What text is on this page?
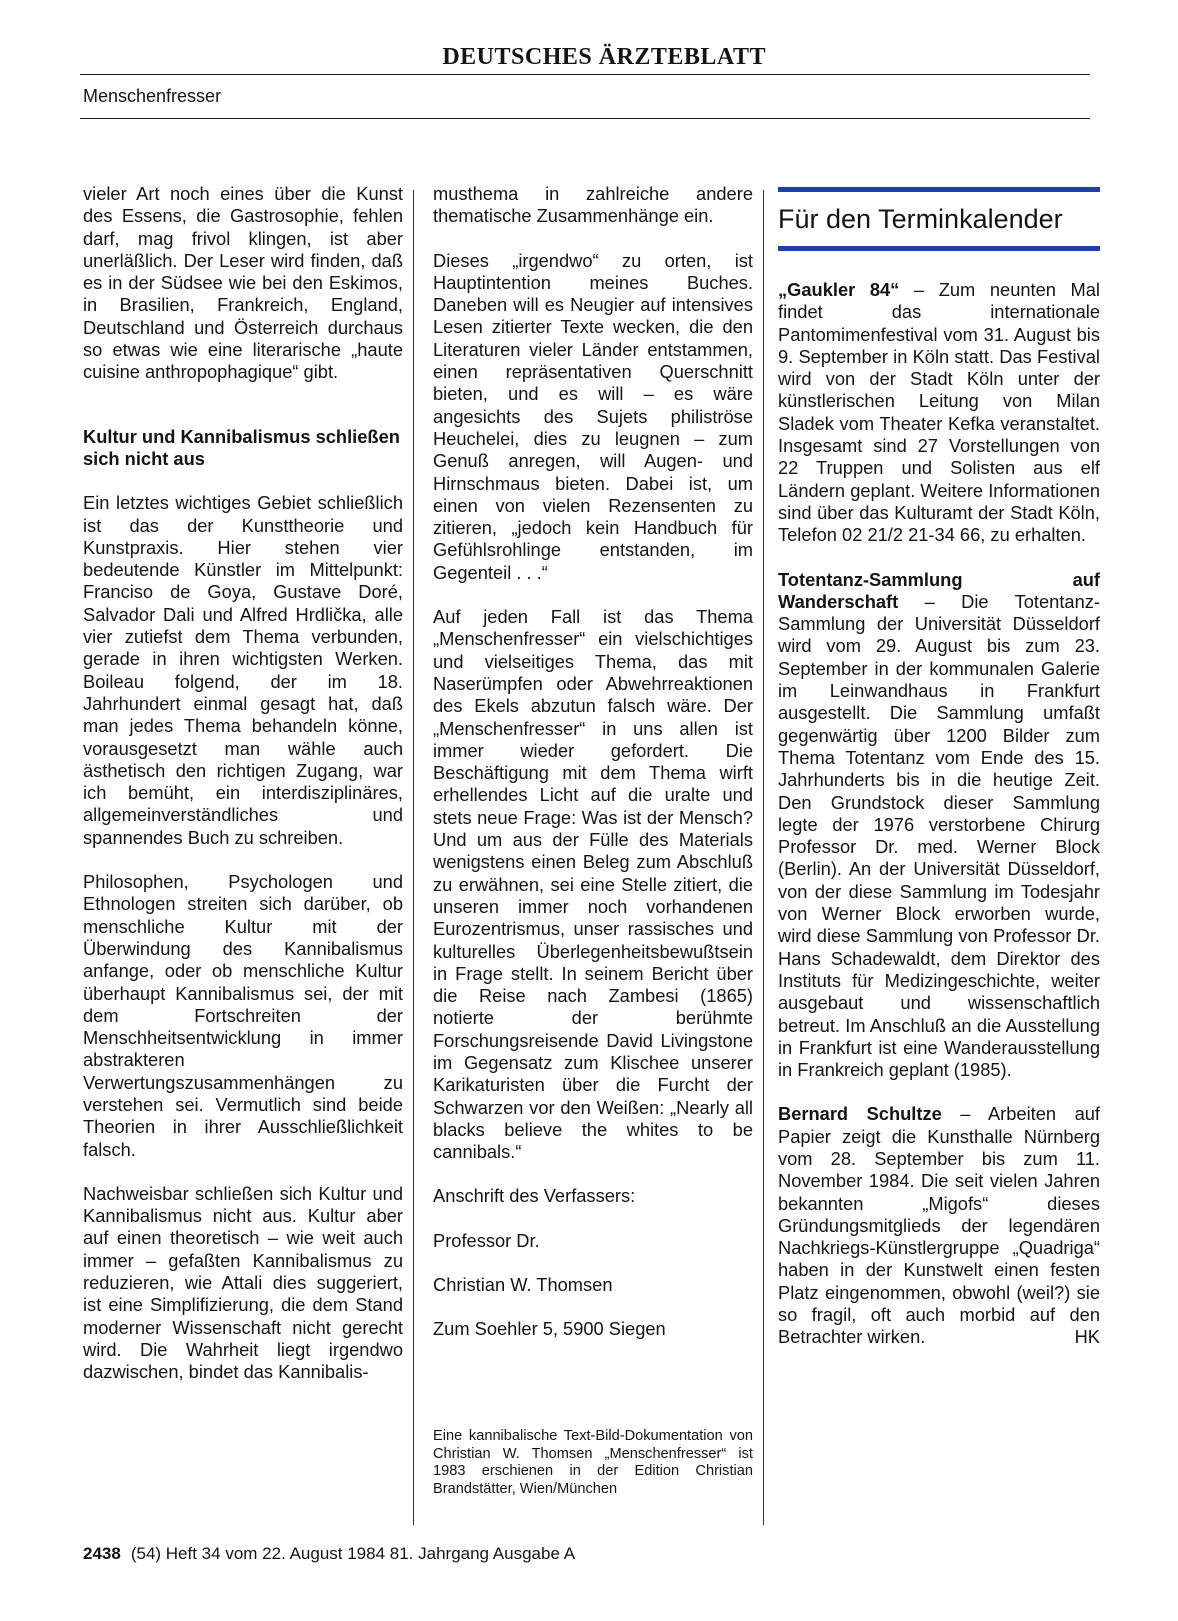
DEUTSCHES ÄRZTEBLATT
Menschenfresser

vieler Art noch eines über die Kunst des Essens, die Gastrosophie, fehlen darf, mag frivol klingen, ist aber unerläßlich. Der Leser wird finden, daß es in der Südsee wie bei den Eskimos, in Brasilien, Frankreich, England, Deutschland und Österreich durchaus so etwas wie eine literarische „haute cuisine anthropophagique“ gibt.

Kultur und Kannibalismus schließen sich nicht aus

Ein letztes wichtiges Gebiet schließlich ist das der Kunsttheorie und Kunstpraxis. Hier stehen vier bedeutende Künstler im Mittelpunkt: Franciso de Goya, Gustave Doré, Salvador Dali und Alfred Hrdlička, alle vier zutiefst dem Thema verbunden, gerade in ihren wichtigsten Werken. Boileau folgend, der im 18. Jahrhundert einmal gesagt hat, daß man jedes Thema behandeln könne, vorausgesetzt man wähle auch ästhetisch den richtigen Zugang, war ich bemüht, ein interdisziplinäres, allgemeinverständliches und spannendes Buch zu schreiben.

Philosophen, Psychologen und Ethnologen streiten sich darüber, ob menschliche Kultur mit der Überwindung des Kannibalismus anfange, oder ob menschliche Kultur überhaupt Kannibalismus sei, der mit dem Fortschreiten der Menschheitsentwicklung in immer abstrakteren Verwertungszusammenhängen zu verstehen sei. Vermutlich sind beide Theorien in ihrer Ausschließlichkeit falsch.

Nachweisbar schließen sich Kultur und Kannibalismus nicht aus. Kultur aber auf einen theoretisch – wie weit auch immer – gefaßten Kannibalismus zu reduzieren, wie Attali dies suggeriert, ist eine Simplifizierung, die dem Stand moderner Wissenschaft nicht gerecht wird. Die Wahrheit liegt irgendwo dazwischen, bindet das Kannibalis-

musthema in zahlreiche andere thematische Zusammenhänge ein.

Dieses „irgendwo“ zu orten, ist Hauptintention meines Buches. Daneben will es Neugier auf intensives Lesen zitierter Texte wecken, die den Literaturen vieler Länder entstammen, einen repräsentativen Querschnitt bieten, und es will – es wäre angesichts des Sujets philiströse Heuchelei, dies zu leugnen – zum Genuß anregen, will Augen- und Hirnschmaus bieten. Dabei ist, um einen von vielen Rezensenten zu zitieren, „jedoch kein Handbuch für Gefühlsrohlinge entstanden, im Gegenteil . . .“

Auf jeden Fall ist das Thema „Menschenfresser“ ein vielschichtiges und vielseitiges Thema, das mit Naserümpfen oder Abwehrreaktionen des Ekels abzutun falsch wäre. Der „Menschenfresser“ in uns allen ist immer wieder gefordert. Die Beschäftigung mit dem Thema wirft erhellendes Licht auf die uralte und stets neue Frage: Was ist der Mensch? Und um aus der Fülle des Materials wenigstens einen Beleg zum Abschluß zu erwähnen, sei eine Stelle zitiert, die unseren immer noch vorhandenen Eurozentrismus, unser rassisches und kulturelles Überlegenheitsbewußtsein in Frage stellt. In seinem Bericht über die Reise nach Zambesi (1865) notierte der berühmte Forschungsreisende David Livingstone im Gegensatz zum Klischee unserer Karikaturisten über die Furcht der Schwarzen vor den Weißen: „Nearly all blacks believe the whites to be cannibals.“

Anschrift des Verfassers:

Professor Dr.

Christian W. Thomsen

Zum Soehler 5, 5900 Siegen

Eine kannibalische Text-Bild-Dokumentation von Christian W. Thomsen „Menschenfresser“ ist 1983 erschienen in der Edition Christian Brandstätter, Wien/München
Für den Terminkalender

„Gaukler 84“ – Zum neunten Mal findet das internationale Pantomimenfestival vom 31. August bis 9. September in Köln statt. Das Festival wird von der Stadt Köln unter der künstlerischen Leitung von Milan Sladek vom Theater Kefka veranstaltet. Insgesamt sind 27 Vorstellungen von 22 Truppen und Solisten aus elf Ländern geplant. Weitere Informationen sind über das Kulturamt der Stadt Köln, Telefon 02 21/2 21-34 66, zu erhalten.

Totentanz-Sammlung auf Wanderschaft – Die Totentanz-Sammlung der Universität Düsseldorf wird vom 29. August bis zum 23. September in der kommunalen Galerie im Leinwandhaus in Frankfurt ausgestellt. Die Sammlung umfaßt gegenwärtig über 1200 Bilder zum Thema Totentanz vom Ende des 15. Jahrhunderts bis in die heutige Zeit. Den Grundstock dieser Sammlung legte der 1976 verstorbene Chirurg Professor Dr. med. Werner Block (Berlin). An der Universität Düsseldorf, von der diese Sammlung im Todesjahr von Werner Block erworben wurde, wird diese Sammlung von Professor Dr. Hans Schadewaldt, dem Direktor des Instituts für Medizingeschichte, weiter ausgebaut und wissenschaftlich betreut. Im Anschluß an die Ausstellung in Frankfurt ist eine Wanderausstellung in Frankreich geplant (1985).

Bernard Schultze – Arbeiten auf Papier zeigt die Kunsthalle Nürnberg vom 28. September bis zum 11. November 1984. Die seit vielen Jahren bekannten „Migofs“ dieses Gründungsmitglieds der legendären Nachkriegs-Künstlergruppe „Quadriga“ haben in der Kunstwelt einen festen Platz eingenommen, obwohl (weil?) sie so fragil, oft auch morbid auf den Betrachter wirken.	HK

2438 (54) Heft 34 vom 22. August 1984 81. Jahrgang Ausgabe A
